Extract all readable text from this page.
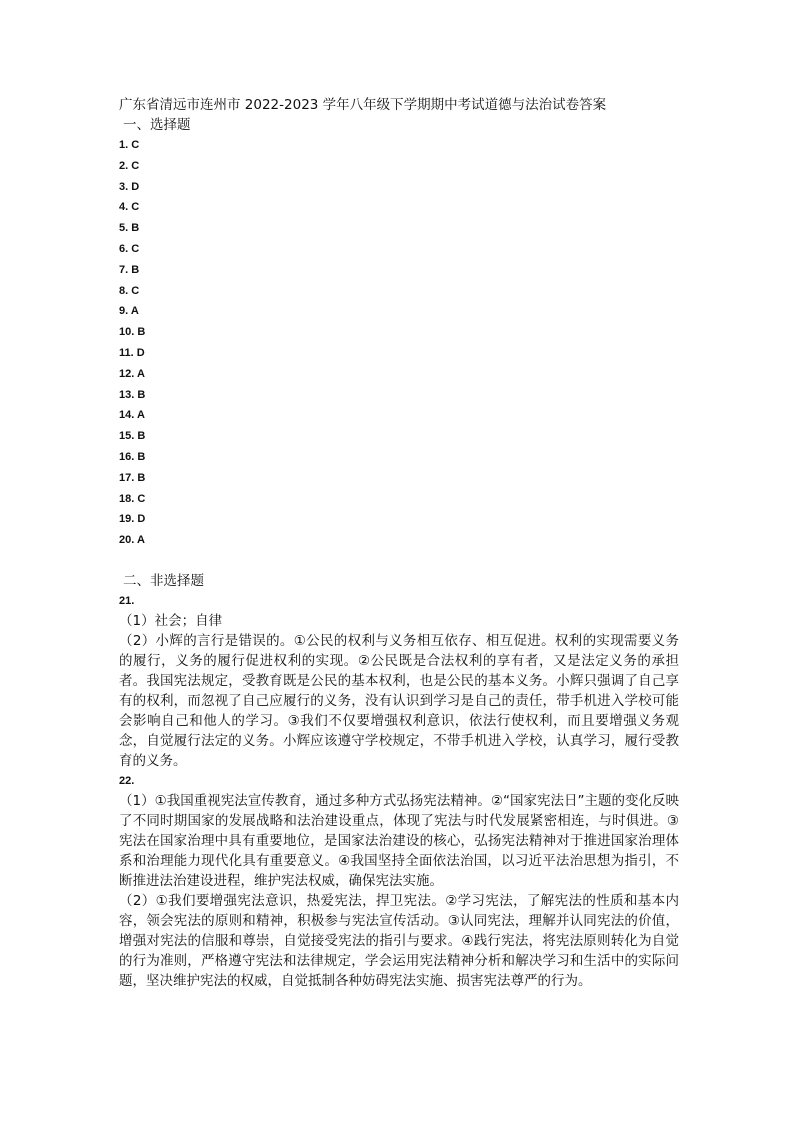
广东省清远市连州市 2022-2023 学年八年级下学期期中考试道德与法治试卷答案
一、选择题
1. C
2. C
3. D
4. C
5. B
6. C
7. B
8. C
9. A
10. B
11. D
12. A
13. B
14. A
15. B
16. B
17. B
18. C
19. D
20. A
二、非选择题
21.

（1）社会；自律

（2）小辉的言行是错误的。①公民的权利与义务相互依存、相互促进。权利的实现需要义务的履行，义务的履行促进权利的实现。②公民既是合法权利的享有者，又是法定义务的承担者。我国宪法规定，受教育既是公民的基本权利，也是公民的基本义务。小辉只强调了自己享有的权利，而忽视了自己应履行的义务，没有认识到学习是自己的责任，带手机进入学校可能会影响自己和他人的学习。③我们不仅要增强权利意识，依法行使权利，而且要增强义务观念，自觉履行法定的义务。小辉应该遵守学校规定，不带手机进入学校，认真学习，履行受教育的义务。

22.

（1）①我国重视宪法宣传教育，通过多种方式弘扬宪法精神。②“国家宪法日”主题的变化反映了不同时期国家的发展战略和法治建设重点，体现了宪法与时代发展紧密相连，与时俱进。③宪法在国家治理中具有重要地位，是国家法治建设的核心，弘扬宪法精神对于推进国家治理体系和治理能力现代化具有重要意义。④我国坚持全面依法治国，以习近平法治思想为指引，不断推进法治建设进程，维护宪法权威，确保宪法实施。

（2）①我们要增强宪法意识，热爱宪法，捍卫宪法。②学习宪法，了解宪法的性质和基本内容，领会宪法的原则和精神，积极参与宪法宣传活动。③认同宪法，理解并认同宪法的价值，增强对宪法的信服和尊崇，自觉接受宪法的指引与要求。④践行宪法，将宪法原则转化为自觉的行为准则，严格遵守宪法和法律规定，学会运用宪法精神分析和解决学习和生活中的实际问题，坚决维护宪法的权威，自觉抵制各种妨碍宪法实施、损害宪法尊严的行为。
